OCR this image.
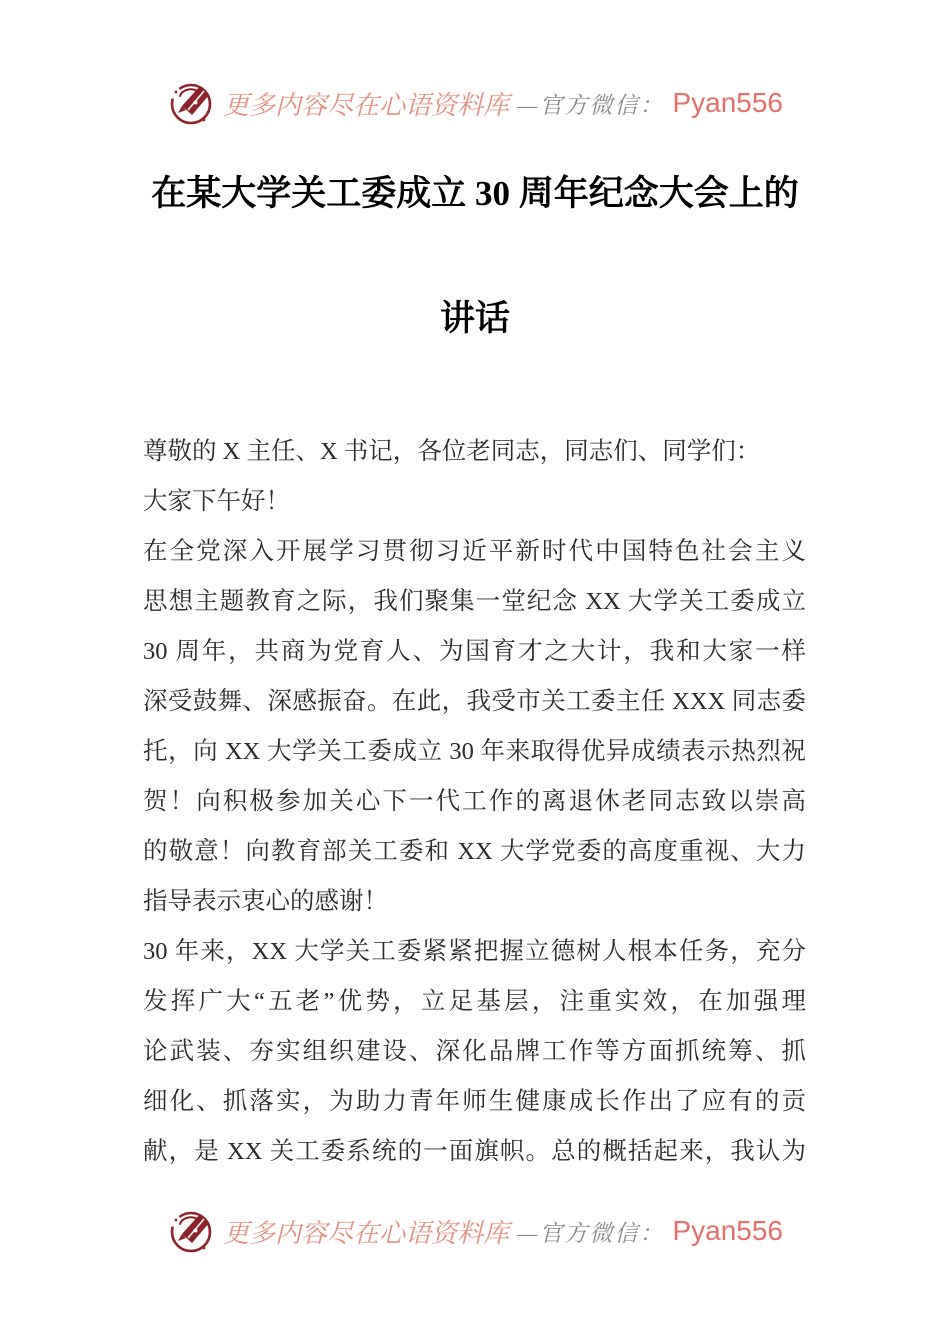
更多内容尽在心语资料库 —官方微信： Pyan556
在某大学关工委成立 30 周年纪念大会上的
讲话
尊敬的 X 主任、X 书记，各位老同志，同志们、同学们：
大家下午好！
在全党深入开展学习贯彻习近平新时代中国特色社会主义
思想主题教育之际，我们聚集一堂纪念 XX 大学关工委成立
30 周年，共商为党育人、为国育才之大计，我和大家一样
深受鼓舞、深感振奋。在此，我受市关工委主任 XXX 同志委
托，向 XX 大学关工委成立 30 年来取得优异成绩表示热烈祝
贺！向积极参加关心下一代工作的离退休老同志致以崇高
的敬意！向教育部关工委和 XX 大学党委的高度重视、大力
指导表示衷心的感谢！
30 年来，XX 大学关工委紧紧把握立德树人根本任务，充分
发挥广大“五老”优势，立足基层，注重实效，在加强理
论武装、夯实组织建设、深化品牌工作等方面抓统筹、抓
细化、抓落实，为助力青年师生健康成长作出了应有的贡
献，是 XX 关工委系统的一面旗帜。总的概括起来，我认为
更多内容尽在心语资料库 —官方微信： Pyan556
